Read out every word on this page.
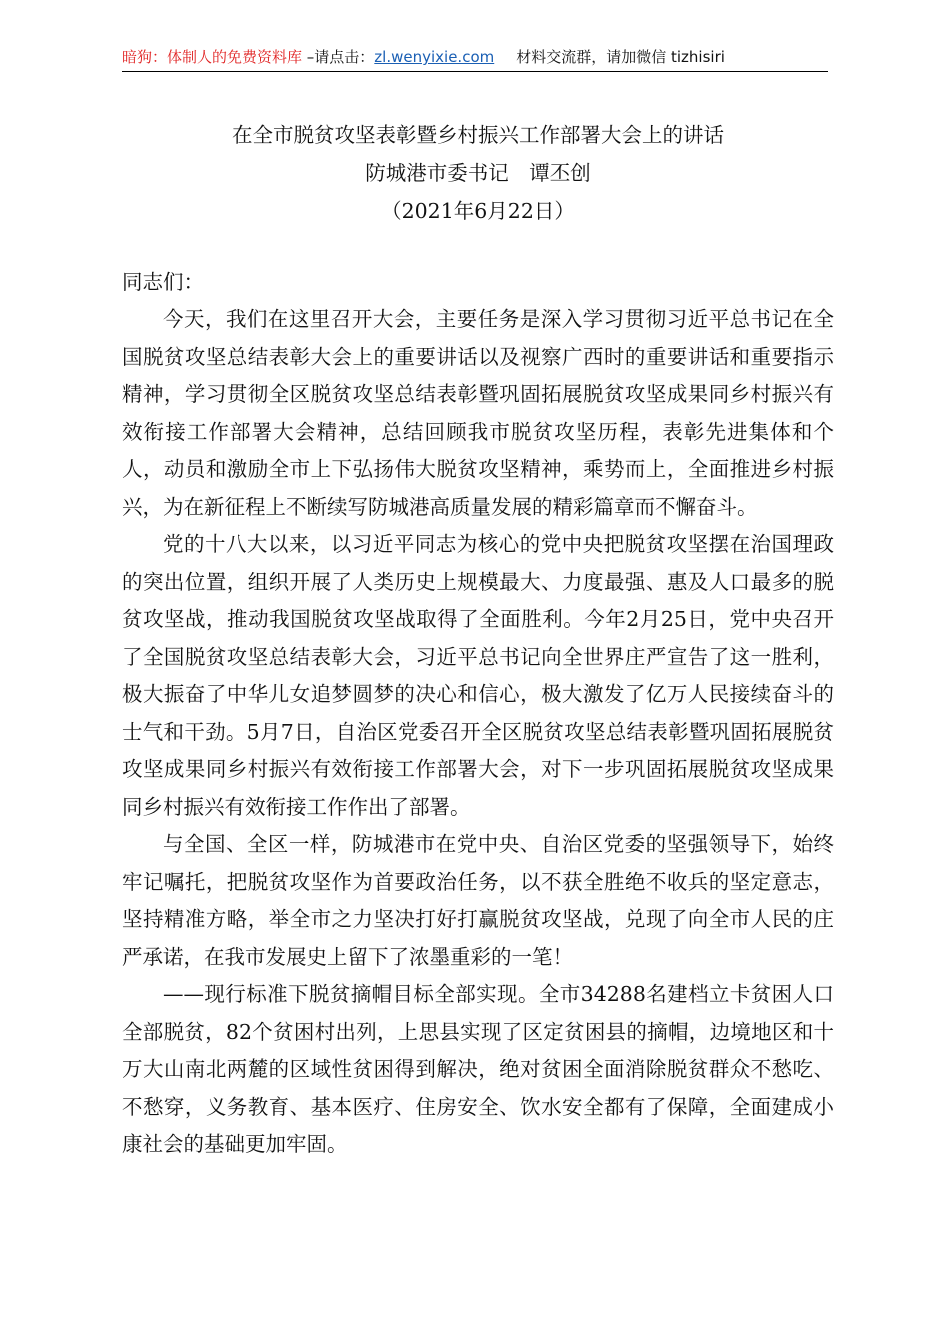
暗狗：体制人的免费资料库 –请点击：zl.wenyixie.com 材料交流群，请加微信 tizhisiri
在全市脱贫攻坚表彰暨乡村振兴工作部署大会上的讲话
防城港市委书记　谭丕创
（2021年6月22日）
同志们：

今天，我们在这里召开大会，主要任务是深入学习贯彻习近平总书记在全国脱贫攻坚总结表彰大会上的重要讲话以及视察广西时的重要讲话和重要指示精神，学习贯彻全区脱贫攻坚总结表彰暨巩固拓展脱贫攻坚成果同乡村振兴有效衔接工作部署大会精神，总结回顾我市脱贫攻坚历程，表彰先进集体和个人，动员和激励全市上下弘扬伟大脱贫攻坚精神，乘势而上，全面推进乡村振兴，为在新征程上不断续写防城港高质量发展的精彩篇章而不懈奋斗。

党的十八大以来，以习近平同志为核心的党中央把脱贫攻坚摆在治国理政的突出位置，组织开展了人类历史上规模最大、力度最强、惠及人口最多的脱贫攻坚战，推动我国脱贫攻坚战取得了全面胜利。今年2月25日，党中央召开了全国脱贫攻坚总结表彰大会，习近平总书记向全世界庄严宣告了这一胜利，极大振奋了中华儿女追梦圆梦的决心和信心，极大激发了亿万人民接续奋斗的士气和干劲。5月7日，自治区党委召开全区脱贫攻坚总结表彰暨巩固拓展脱贫攻坚成果同乡村振兴有效衔接工作部署大会，对下一步巩固拓展脱贫攻坚成果同乡村振兴有效衔接工作作出了部署。

与全国、全区一样，防城港市在党中央、自治区党委的坚强领导下，始终牢记嘱托，把脱贫攻坚作为首要政治任务，以不获全胜绝不收兵的坚定意志，坚持精准方略，举全市之力坚决打好打赢脱贫攻坚战，兑现了向全市人民的庄严承诺，在我市发展史上留下了浓墨重彩的一笔！

——现行标准下脱贫摘帽目标全部实现。全市34288名建档立卡贫困人口全部脱贫，82个贫困村出列，上思县实现了区定贫困县的摘帽，边境地区和十万大山南北两麓的区域性贫困得到解决，绝对贫困全面消除脱贫群众不愁吃、不愁穿，义务教育、基本医疗、住房安全、饮水安全都有了保障，全面建成小康社会的基础更加牢固。
